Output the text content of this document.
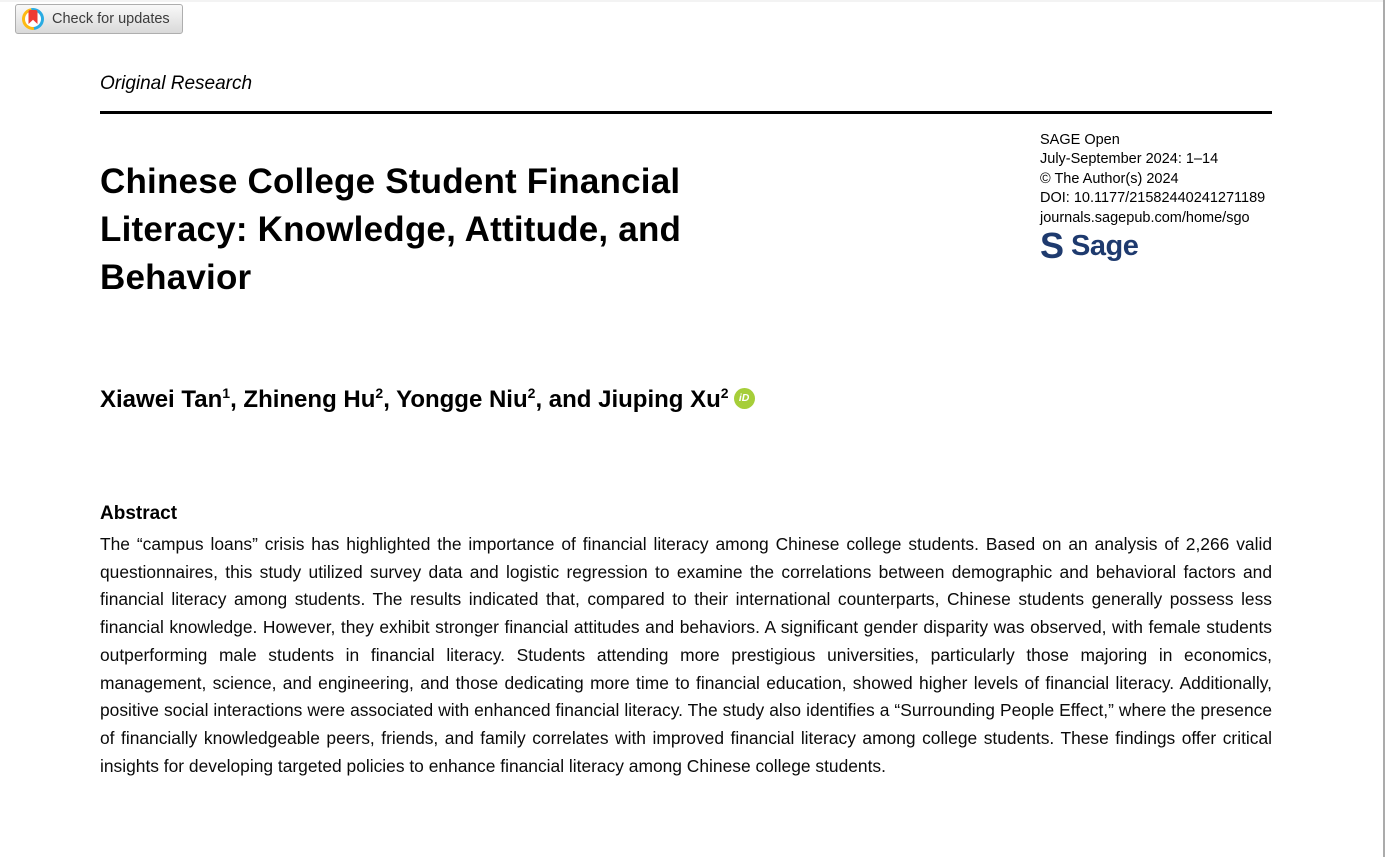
Check for updates
Original Research
Chinese College Student Financial
Literacy: Knowledge, Attitude, and
Behavior
SAGE Open
July-September 2024: 1–14
© The Author(s) 2024
DOI: 10.1177/21582440241271189
journals.sagepub.com/home/sgo
S Sage
Xiawei Tan$^1$, Zhineng Hu$^2$, Yongge Niu$^2$, and Jiuping Xu$^2$ iD
Abstract

The “campus loans” crisis has highlighted the importance of financial literacy among Chinese college students. Based on an analysis of 2,266 valid questionnaires, this study utilized survey data and logistic regression to examine the correlations between demographic and behavioral factors and financial literacy among students. The results indicated that, compared to their international counterparts, Chinese students generally possess less financial knowledge. However, they exhibit stronger financial attitudes and behaviors. A significant gender disparity was observed, with female students outperforming male students in financial literacy. Students attending more prestigious universities, particularly those majoring in economics, management, science, and engineering, and those dedicating more time to financial education, showed higher levels of financial literacy. Additionally, positive social interactions were associated with enhanced financial literacy. The study also identifies a “Surrounding People Effect,” where the presence of financially knowledgeable peers, friends, and family correlates with improved financial literacy among college students. These findings offer critical insights for developing targeted policies to enhance financial literacy among Chinese college students.
